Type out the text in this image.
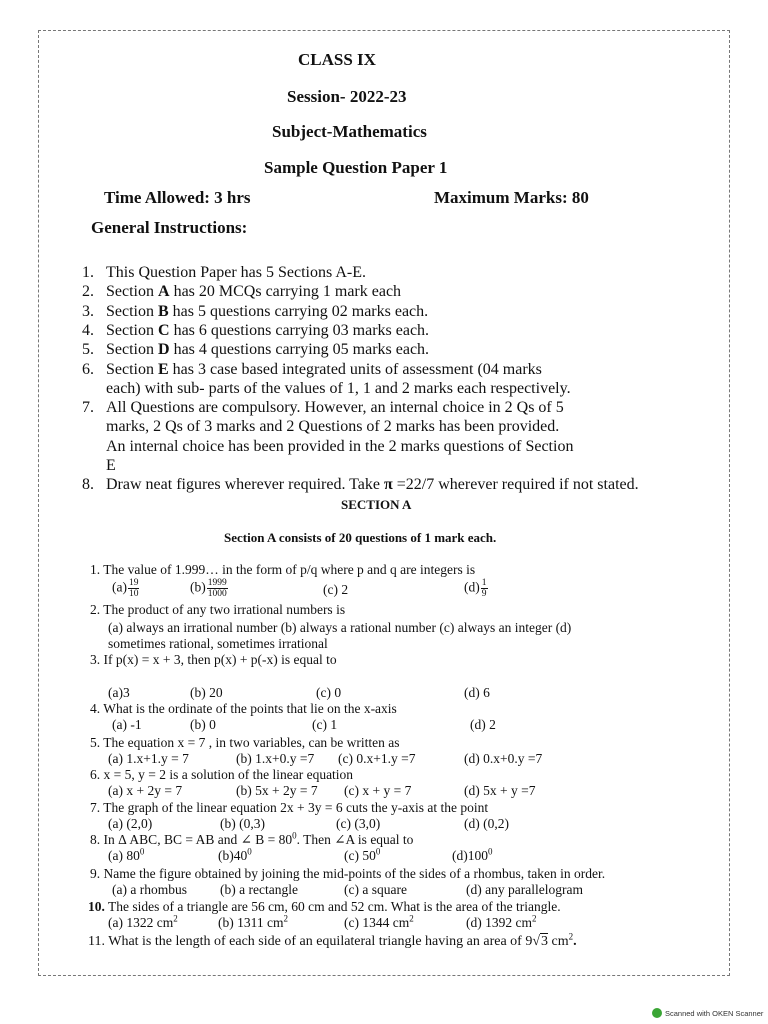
CLASS IX
Session- 2022-23
Subject-Mathematics
Sample Question Paper 1
Time Allowed: 3 hrs	Maximum Marks: 80
General Instructions:
1. This Question Paper has 5 Sections A-E.
2. Section A has 20 MCQs carrying 1 mark each
3. Section B has 5 questions carrying 02 marks each.
4. Section C has 6 questions carrying 03 marks each.
5. Section D has 4 questions carrying 05 marks each.
6. Section E has 3 case based integrated units of assessment (04 marks
each) with sub- parts of the values of 1, 1 and 2 marks each respectively.
7. All Questions are compulsory. However, an internal choice in 2 Qs of 5
marks, 2 Qs of 3 marks and 2 Questions of 2 marks has been provided.
An internal choice has been provided in the 2 marks questions of Section
E
8. Draw neat figures wherever required. Take π =22/7 wherever required if not stated.
SECTION A
Section A consists of 20 questions of 1 mark each.
1. The value of 1.999… in the form of p/q where p and q are integers is
$(a) \frac{19}{10}$	$(b) \frac{1999}{1000}$	(c) 2	$(d) \frac{1}{9}$
2. The product of any two irrational numbers is
(a) always an irrational number (b) always a rational number (c) always an integer (d)
sometimes rational, sometimes irrational
3. If p(x) = x + 3, then p(x) + p(-x) is equal to
(a)3	(b) 20	(c) 0	(d) 6
4. What is the ordinate of the points that lie on the x-axis
(a) -1	(b) 0	(c) 1	(d) 2
5. The equation x = 7 , in two variables, can be written as
(a) 1.x+1.y = 7	(b) 1.x+0.y =7 (c) 0.x+1.y =7	(d) 0.x+0.y =7
6. x = 5, y = 2 is a solution of the linear equation
(a) x + 2y = 7	(b) 5x + 2y = 7 (c) x + y = 7	(d) 5x + y =7
7. The graph of the linear equation 2x + 3y = 6 cuts the y-axis at the point
(a) (2,0)	(b) (0,3)	(c) (3,0)	(d) (0,2)
8. In Δ ABC, BC = AB and ∠ $B = 80^0$. Then ∠A is equal to
(a) $80^0$	$(b)40^0$	(c) $50^0$	$(d)100^0$
9. Name the figure obtained by joining the mid-points of the sides of a rhombus, taken in order.
(a) a rhombus (b) a rectangle	(c) a square	(d) any parallelogram
10. The sides of a triangle are 56 cm, 60 cm and 52 cm. What is the area of the triangle.
(a) 1322 $cm^2$	(b) 1311 $cm^2$	(c) 1344 $cm^2$	(d) 1392 $cm^2$
11. What is the length of each side of an equilateral triangle having an area of 9√3 $cm^2$.
Scanned with OKEN Scanner
